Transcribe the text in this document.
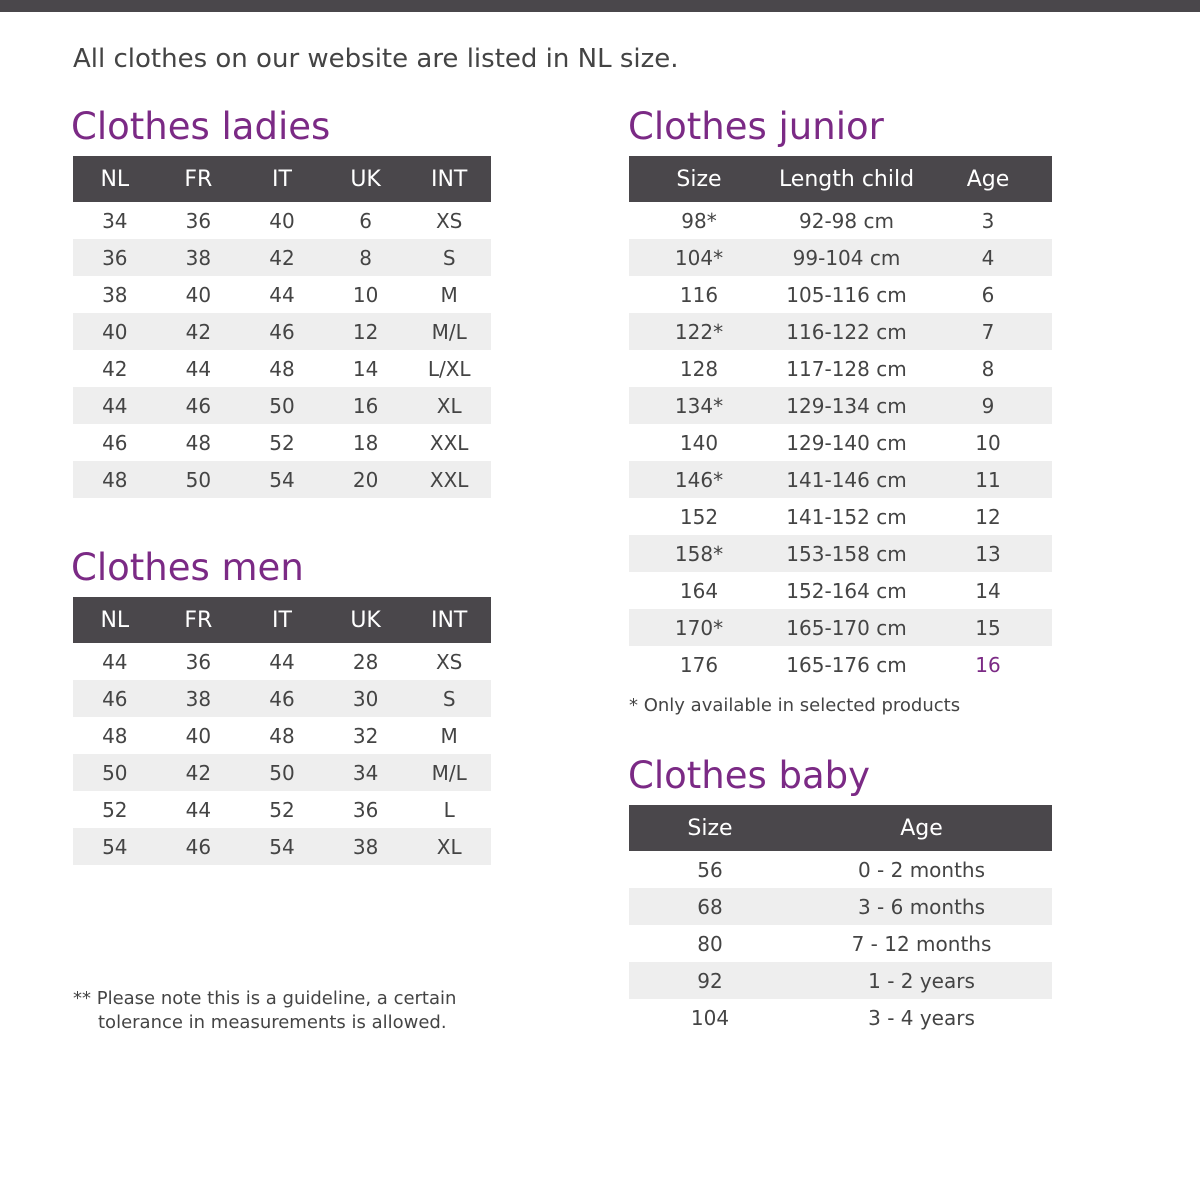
All clothes on our website are listed in NL size.
Clothes ladies
NL	FR	IT	UK	INT
34	36	40	6	XS
36	38	42	8	S
38	40	44	10	M
40	42	46	12	M/L
42	44	48	14	L/XL
44	46	50	16	XL
46	48	52	18	XXL
48	50	54	20	XXL
Clothes men
NL	FR	IT	UK	INT
44	36	44	28	XS
46	38	46	30	S
48	40	48	32	M
50	42	50	34	M/L
52	44	52	36	L
54	46	54	38	XL
** Please note this is a guideline, a certain
tolerance in measurements is allowed.
Clothes junior
Size	Length child	Age
98*	92-98 cm	3
104*	99-104 cm	4
116	105-116 cm	6
122*	116-122 cm	7
128	117-128 cm	8
134*	129-134 cm	9
140	129-140 cm	10
146*	141-146 cm	11
152	141-152 cm	12
158*	153-158 cm	13
164	152-164 cm	14
170*	165-170 cm	15
176	165-176 cm	16
* Only available in selected products
Clothes baby
Size	Age
56	0 - 2 months
68	3 - 6 months
80	7 - 12 months
92	1 - 2 years
104	3 - 4 years
